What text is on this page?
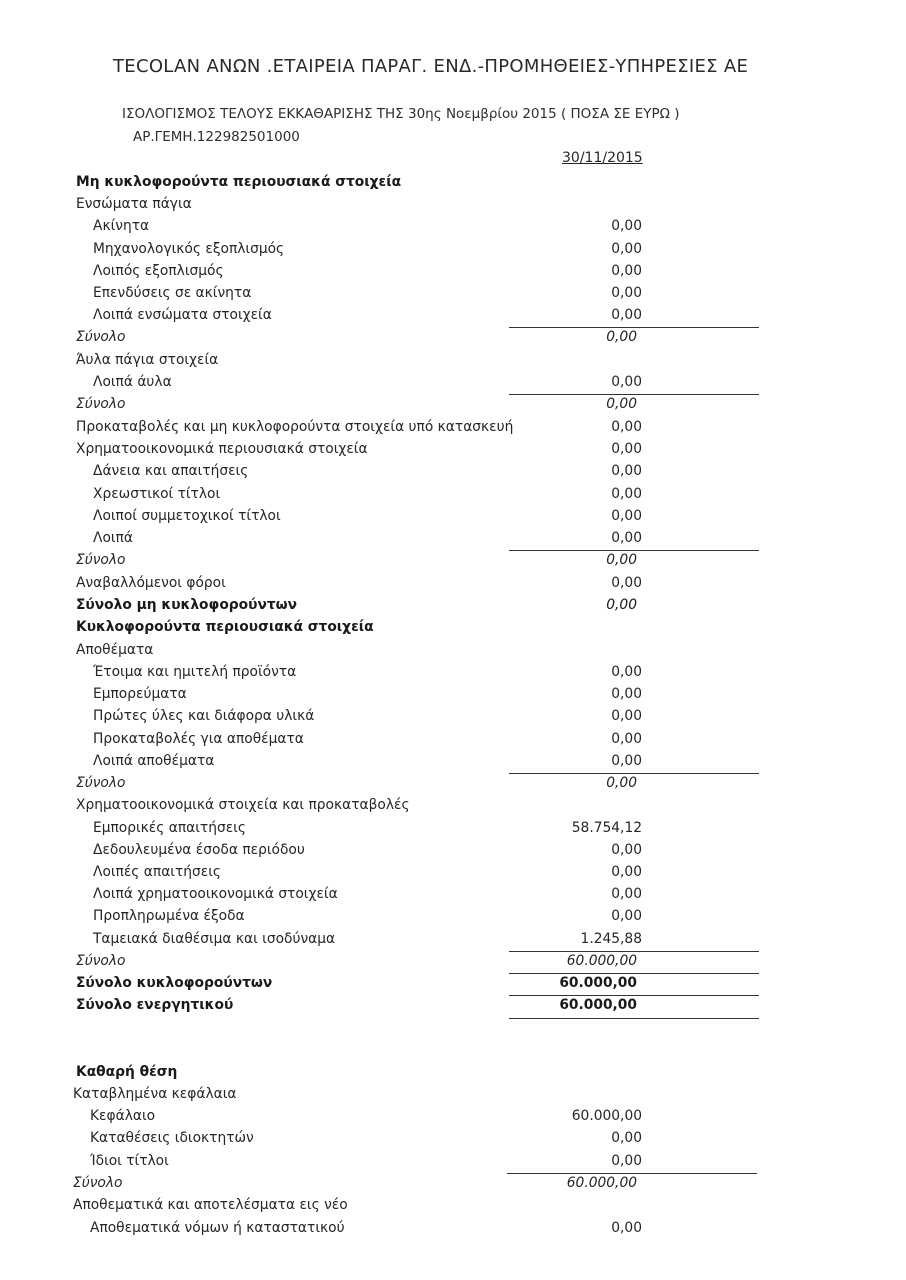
TECOLAN ΑΝΩΝ .ΕΤΑΙΡΕΙΑ ΠΑΡΑΓ. ΕΝΔ.-ΠΡΟΜΗΘΕΙΕΣ-ΥΠΗΡΕΣΙΕΣ ΑΕ
ΙΣΟΛΟΓΙΣΜΟΣ ΤΕΛΟΥΣ ΕΚΚΑΘΑΡΙΣΗΣ ΤΗΣ 30ης Νοεμβρίου 2015 ( ΠΟΣΑ ΣΕ ΕΥΡΩ )
ΑΡ.ΓΕΜΗ.122982501000
30/11/2015
Μη κυκλοφορούντα περιουσιακά στοιχεία
Ενσώματα πάγια
Ακίνητα	0,00
Μηχανολογικός εξοπλισμός	0,00
Λοιπός εξοπλισμός	0,00
Επενδύσεις σε ακίνητα	0,00
Λοιπά ενσώματα στοιχεία	0,00
Σύνολο	0,00
Άυλα πάγια στοιχεία
Λοιπά άυλα	0,00
Σύνολο	0,00
Προκαταβολές και μη κυκλοφορούντα στοιχεία υπό κατασκευή	0,00
Χρηματοοικονομικά περιουσιακά στοιχεία	0,00
Δάνεια και απαιτήσεις	0,00
Χρεωστικοί τίτλοι	0,00
Λοιποί συμμετοχικοί τίτλοι	0,00
Λοιπά	0,00
Σύνολο	0,00
Αναβαλλόμενοι φόροι	0,00
Σύνολο μη κυκλοφορούντων	0,00
Κυκλοφορούντα περιουσιακά στοιχεία
Αποθέματα
Έτοιμα και ημιτελή προϊόντα	0,00
Εμπορεύματα	0,00
Πρώτες ύλες και διάφορα υλικά	0,00
Προκαταβολές για αποθέματα	0,00
Λοιπά αποθέματα	0,00
Σύνολο	0,00
Χρηματοοικονομικά στοιχεία και προκαταβολές
Εμπορικές απαιτήσεις	58.754,12
Δεδουλευμένα έσοδα περιόδου	0,00
Λοιπές απαιτήσεις	0,00
Λοιπά χρηματοοικονομικά στοιχεία	0,00
Προπληρωμένα έξοδα	0,00
Ταμειακά διαθέσιμα και ισοδύναμα	1.245,88
Σύνολο	60.000,00
Σύνολο κυκλοφορούντων	60.000,00
Σύνολο ενεργητικού	60.000,00
Καθαρή θέση
Καταβλημένα κεφάλαια
Κεφάλαιο	60.000,00
Καταθέσεις ιδιοκτητών	0,00
Ίδιοι τίτλοι	0,00
Σύνολο	60.000,00
Αποθεματικά και αποτελέσματα εις νέο
Αποθεματικά νόμων ή καταστατικού	0,00
